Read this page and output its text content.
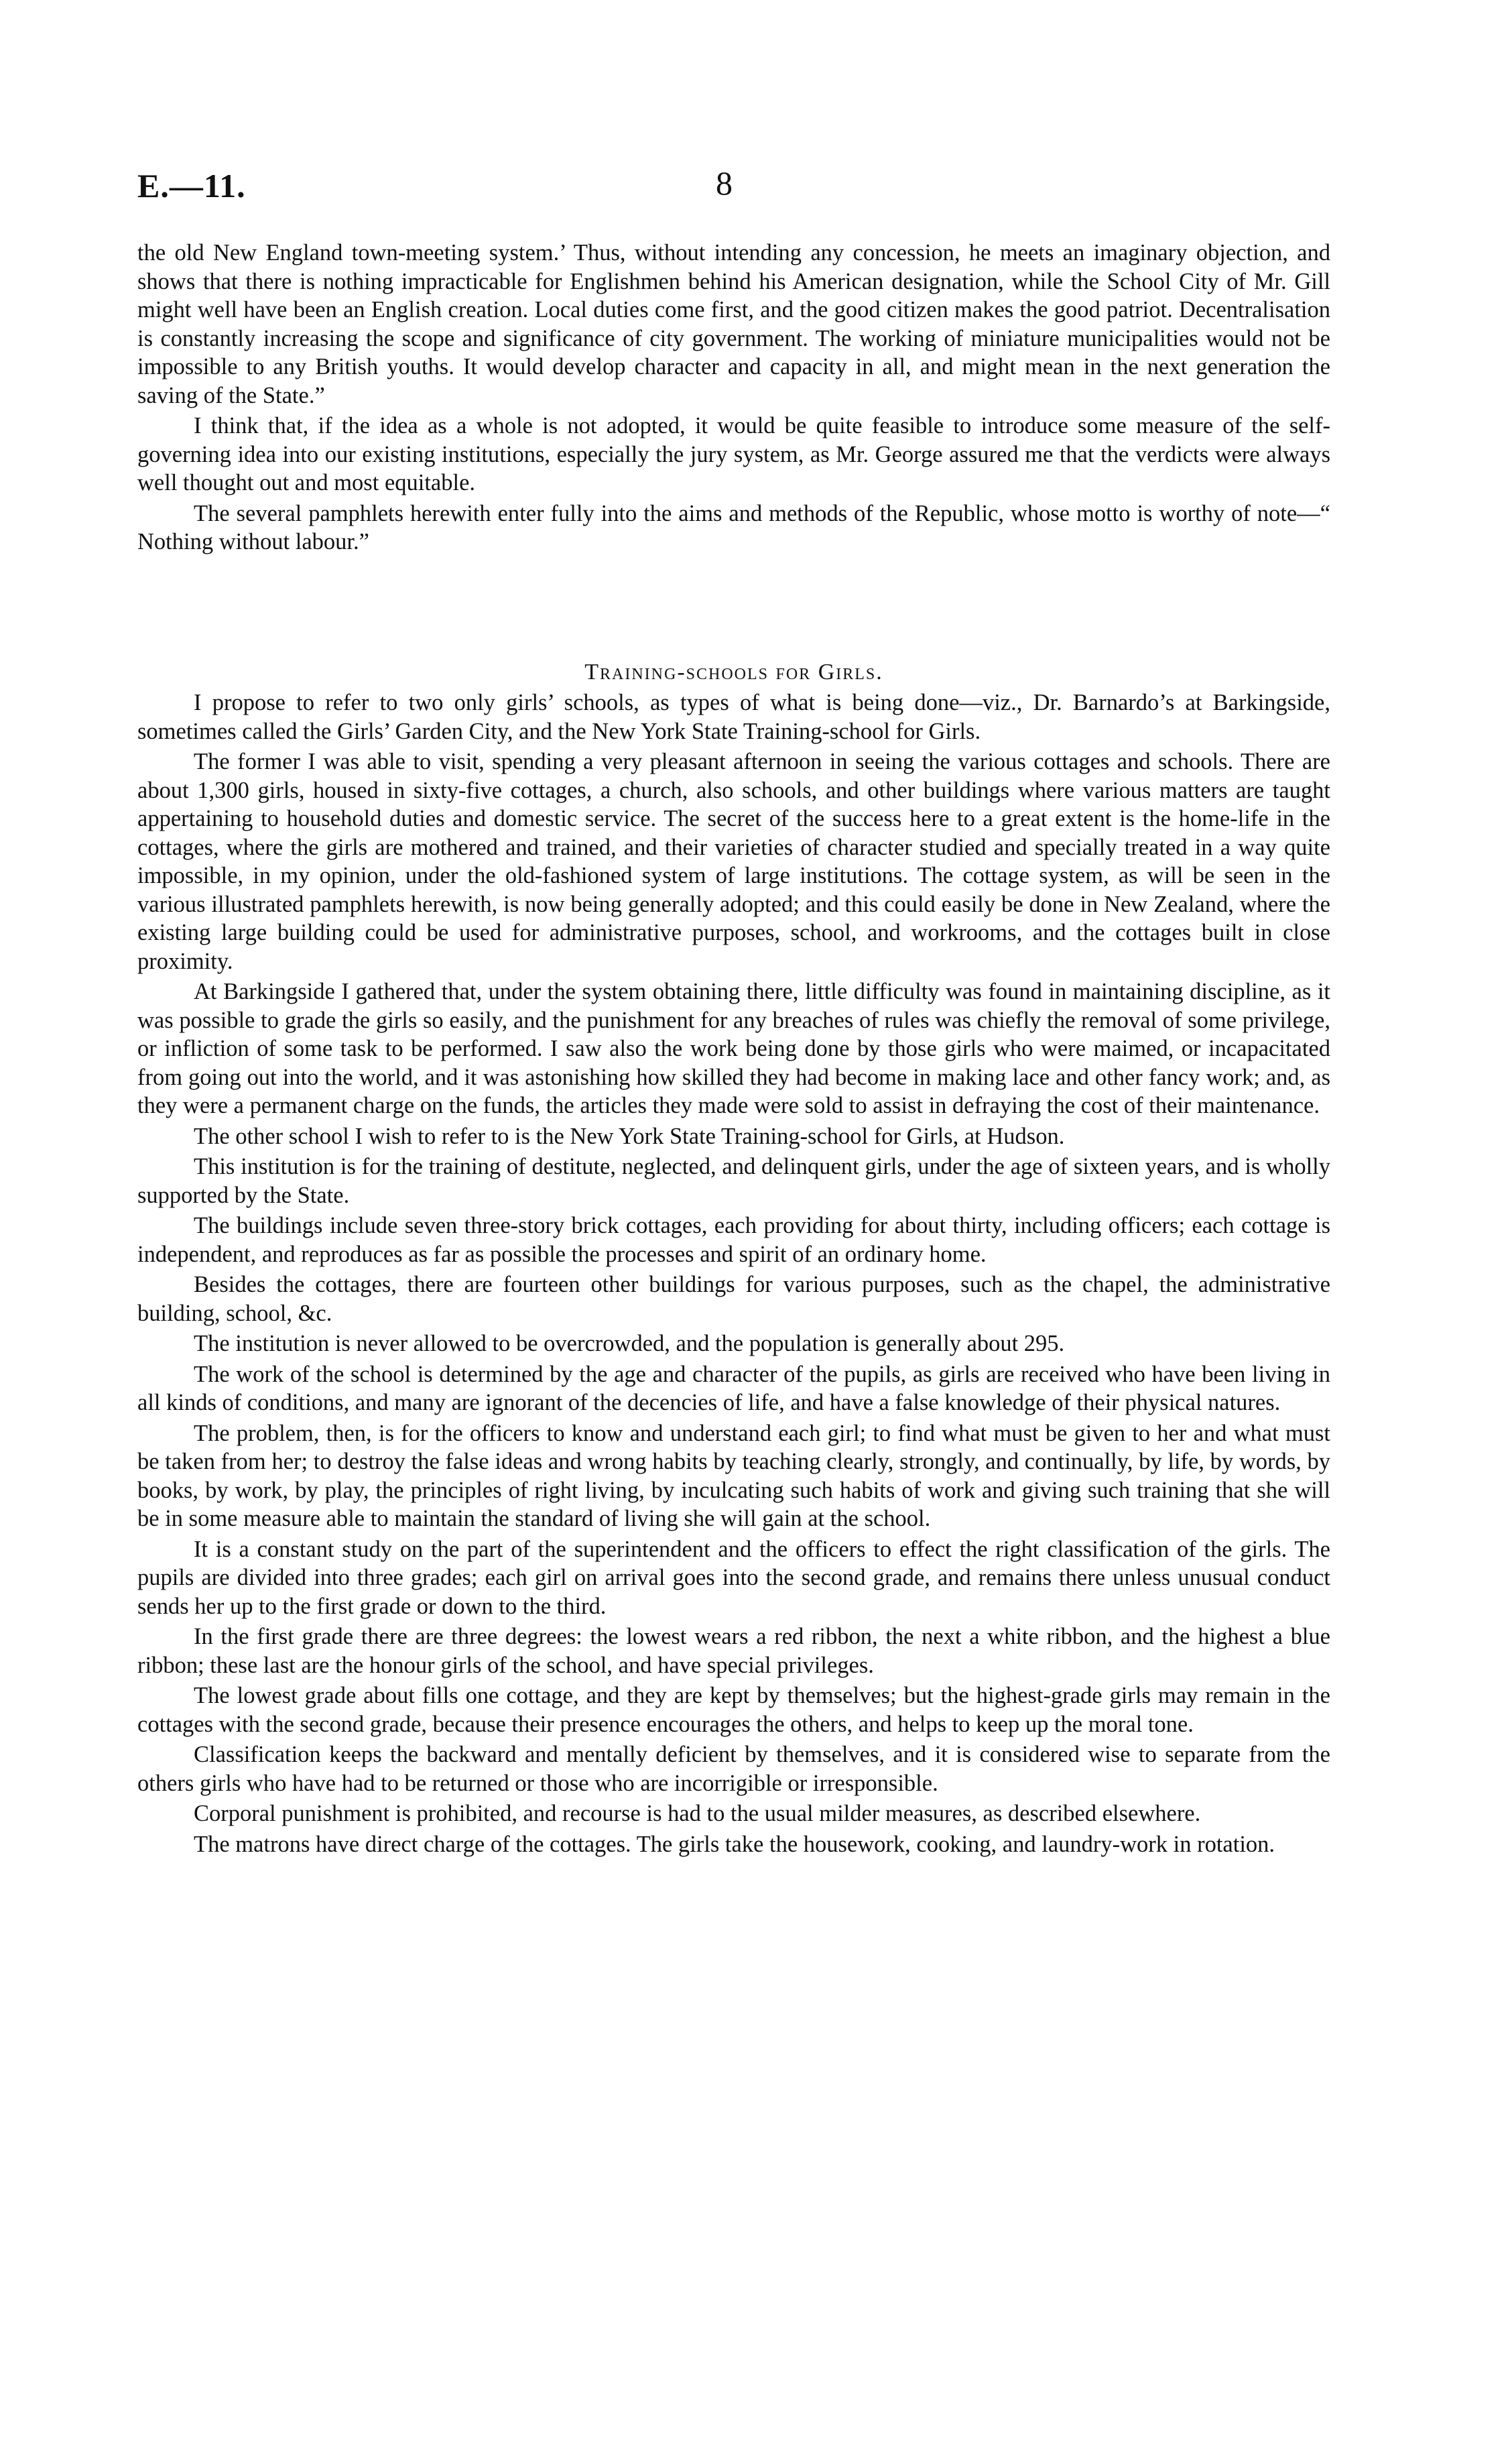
E.—11.	8

the old New England town-meeting system.’ Thus, without intending any concession, he meets an imaginary objection, and shows that there is nothing impracticable for Englishmen behind his American designation, while the School City of Mr. Gill might well have been an English creation. Local duties come first, and the good citizen makes the good patriot. Decentralisation is constantly increasing the scope and significance of city government. The working of miniature municipalities would not be impossible to any British youths. It would develop character and capacity in all, and might mean in the next generation the saving of the State.”

I think that, if the idea as a whole is not adopted, it would be quite feasible to introduce some measure of the self-governing idea into our existing institutions, especially the jury system, as Mr. George assured me that the verdicts were always well thought out and most equitable.

The several pamphlets herewith enter fully into the aims and methods of the Republic, whose motto is worthy of note—“ Nothing without labour.”

Training-schools for Girls.

I propose to refer to two only girls’ schools, as types of what is being done—viz., Dr. Barnardo’s at Barkingside, sometimes called the Girls’ Garden City, and the New York State Training-school for Girls.

The former I was able to visit, spending a very pleasant afternoon in seeing the various cottages and schools. There are about 1,300 girls, housed in sixty-five cottages, a church, also schools, and other buildings where various matters are taught appertaining to household duties and domestic service. The secret of the success here to a great extent is the home-life in the cottages, where the girls are mothered and trained, and their varieties of character studied and specially treated in a way quite impossible, in my opinion, under the old-fashioned system of large institutions. The cottage system, as will be seen in the various illustrated pamphlets herewith, is now being generally adopted; and this could easily be done in New Zealand, where the existing large building could be used for administrative purposes, school, and workrooms, and the cottages built in close proximity.

At Barkingside I gathered that, under the system obtaining there, little difficulty was found in maintaining discipline, as it was possible to grade the girls so easily, and the punishment for any breaches of rules was chiefly the removal of some privilege, or infliction of some task to be performed. I saw also the work being done by those girls who were maimed, or incapacitated from going out into the world, and it was astonishing how skilled they had become in making lace and other fancy work; and, as they were a permanent charge on the funds, the articles they made were sold to assist in defraying the cost of their maintenance.

The other school I wish to refer to is the New York State Training-school for Girls, at Hudson.

This institution is for the training of destitute, neglected, and delinquent girls, under the age of sixteen years, and is wholly supported by the State.

The buildings include seven three-story brick cottages, each providing for about thirty, including officers; each cottage is independent, and reproduces as far as possible the processes and spirit of an ordinary home.

Besides the cottages, there are fourteen other buildings for various purposes, such as the chapel, the administrative building, school, &c.

The institution is never allowed to be overcrowded, and the population is generally about 295.

The work of the school is determined by the age and character of the pupils, as girls are received who have been living in all kinds of conditions, and many are ignorant of the decencies of life, and have a false knowledge of their physical natures.

The problem, then, is for the officers to know and understand each girl; to find what must be given to her and what must be taken from her; to destroy the false ideas and wrong habits by teaching clearly, strongly, and continually, by life, by words, by books, by work, by play, the principles of right living, by inculcating such habits of work and giving such training that she will be in some measure able to maintain the standard of living she will gain at the school.

It is a constant study on the part of the superintendent and the officers to effect the right classification of the girls. The pupils are divided into three grades; each girl on arrival goes into the second grade, and remains there unless unusual conduct sends her up to the first grade or down to the third.

In the first grade there are three degrees: the lowest wears a red ribbon, the next a white ribbon, and the highest a blue ribbon; these last are the honour girls of the school, and have special privileges.

The lowest grade about fills one cottage, and they are kept by themselves; but the highest-grade girls may remain in the cottages with the second grade, because their presence encourages the others, and helps to keep up the moral tone.

Classification keeps the backward and mentally deficient by themselves, and it is considered wise to separate from the others girls who have had to be returned or those who are incorrigible or irresponsible.

Corporal punishment is prohibited, and recourse is had to the usual milder measures, as described elsewhere.

The matrons have direct charge of the cottages. The girls take the housework, cooking, and laundry-work in rotation.
